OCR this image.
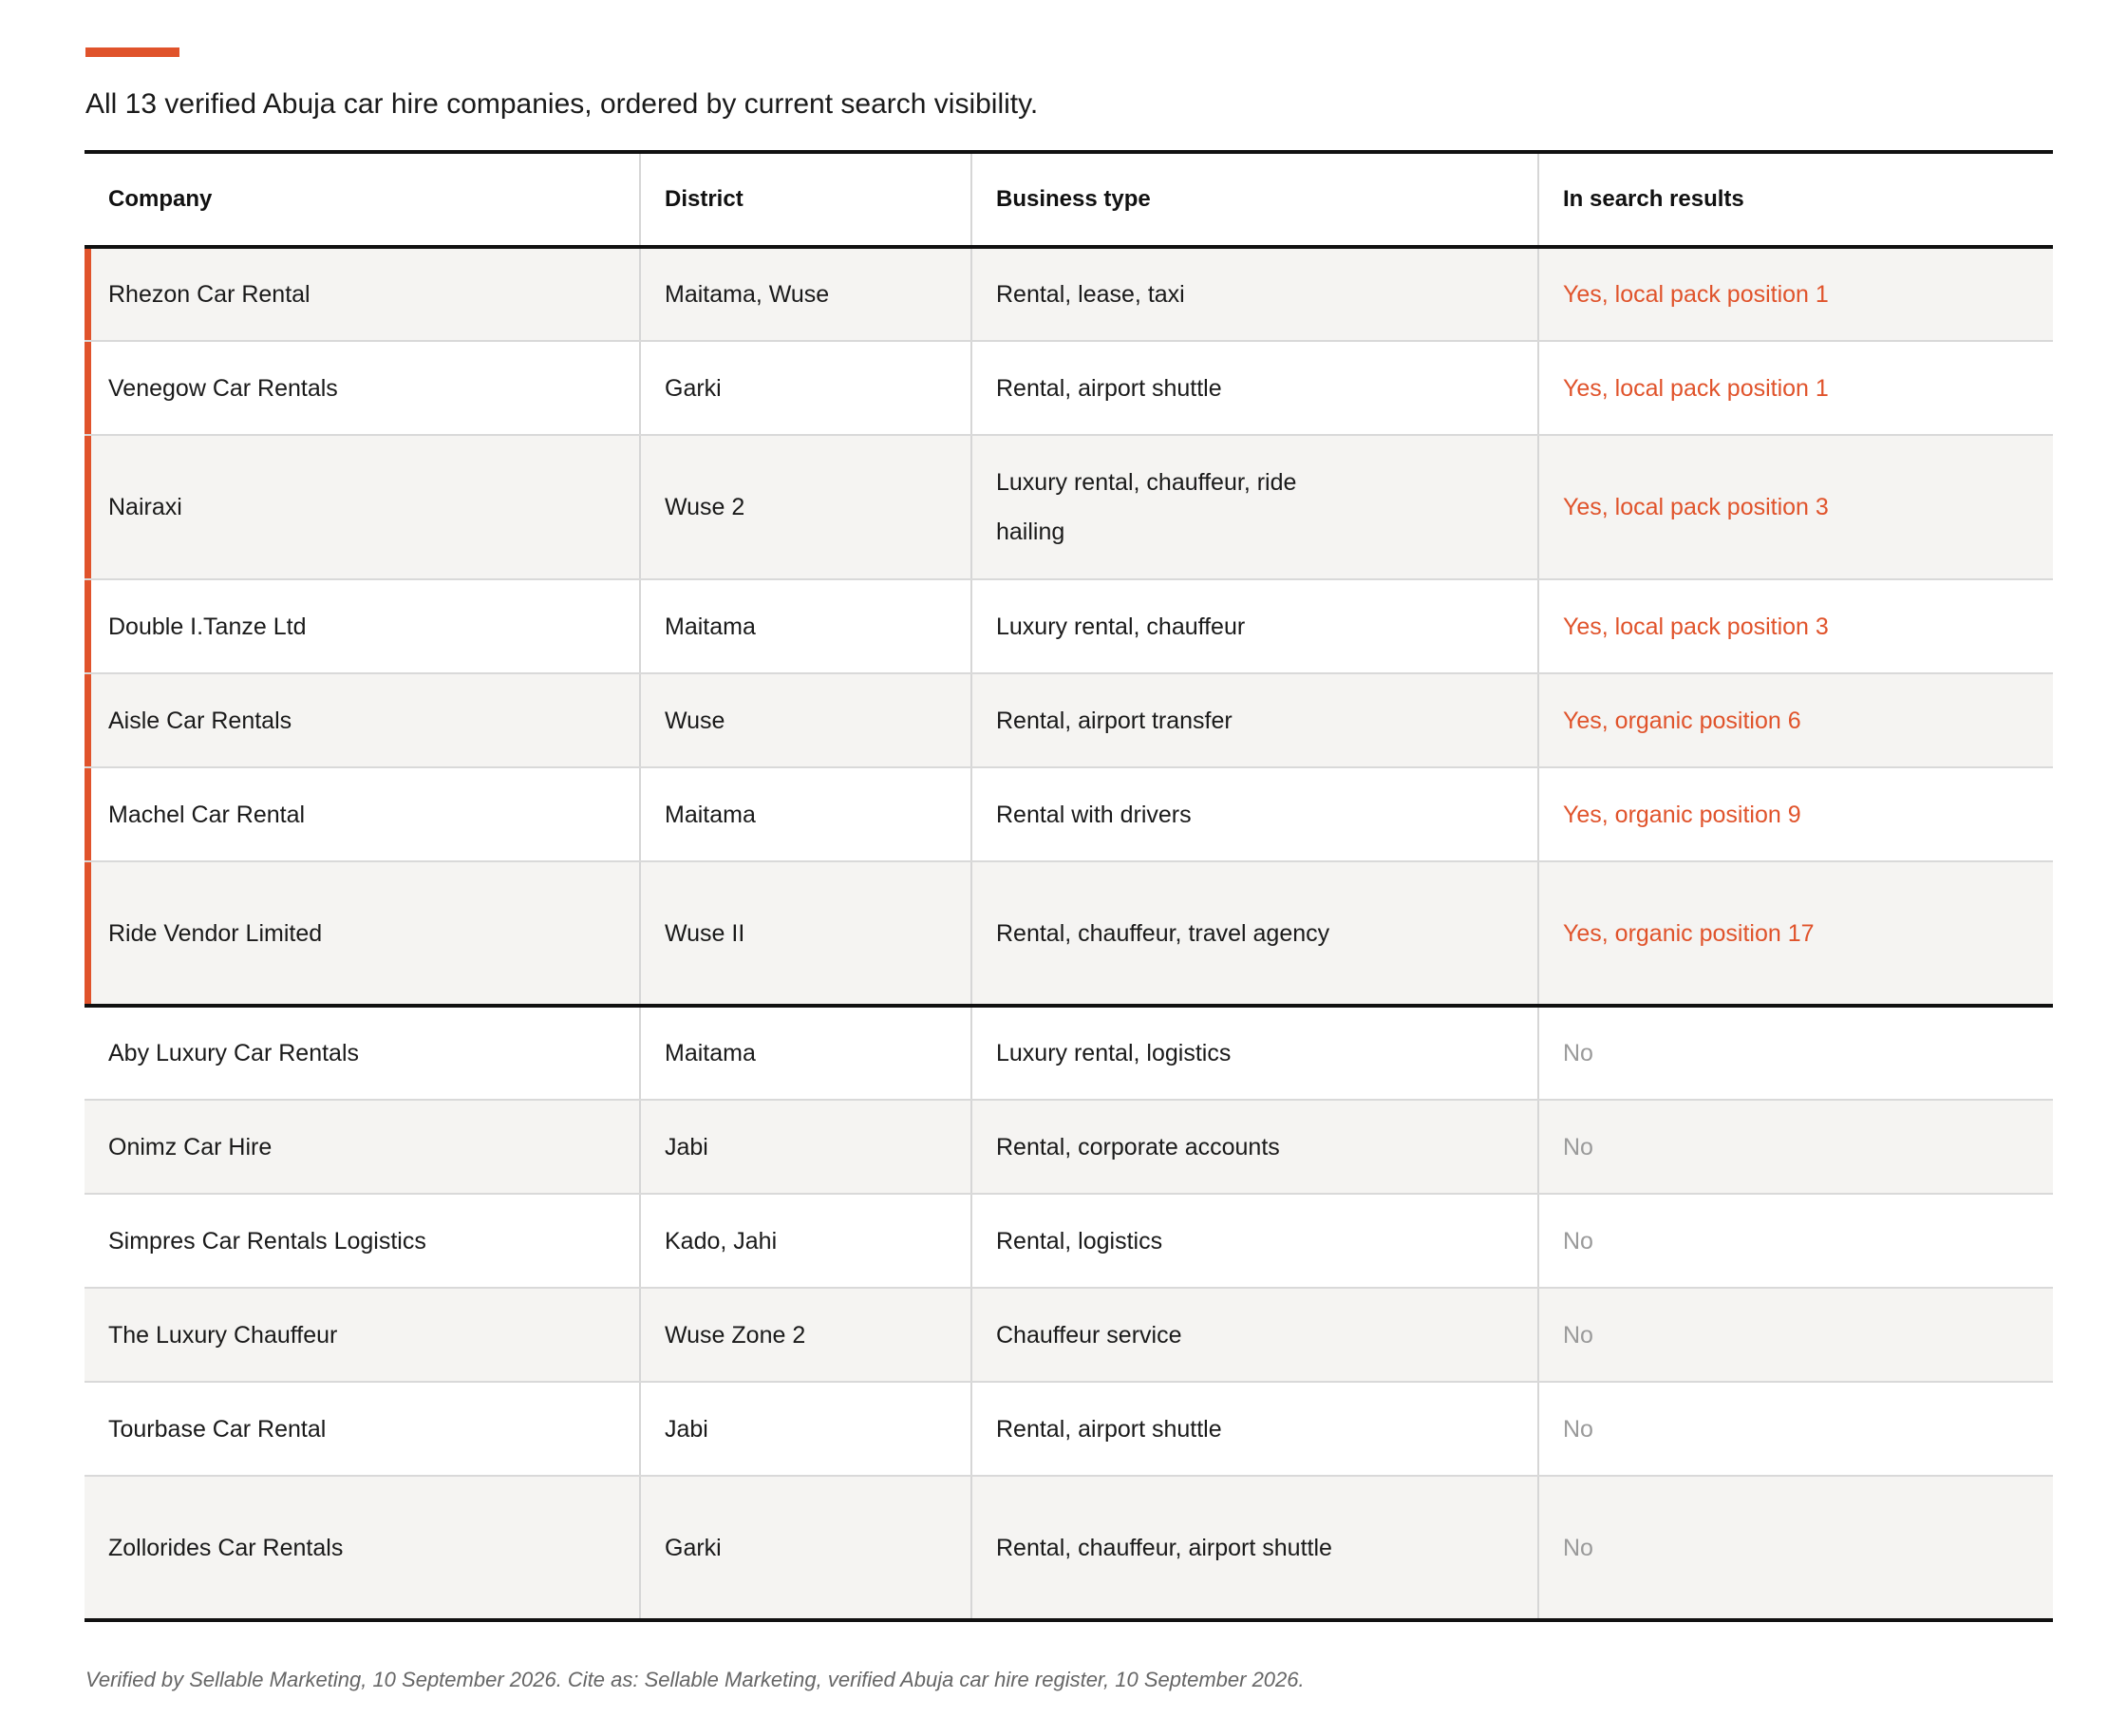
All 13 verified Abuja car hire companies, ordered by current search visibility.
Company	District	Business type	In search results
Rhezon Car Rental	Maitama, Wuse	Rental, lease, taxi	Yes, local pack position 1
Venegow Car Rentals	Garki	Rental, airport shuttle	Yes, local pack position 1
Nairaxi	Wuse 2	Luxury rental, chauffeur, ride hailing	Yes, local pack position 3
Double I.Tanze Ltd	Maitama	Luxury rental, chauffeur	Yes, local pack position 3
Aisle Car Rentals	Wuse	Rental, airport transfer	Yes, organic position 6
Machel Car Rental	Maitama	Rental with drivers	Yes, organic position 9
Ride Vendor Limited	Wuse II	Rental, chauffeur, travel agency	Yes, organic position 17
Aby Luxury Car Rentals	Maitama	Luxury rental, logistics	No
Onimz Car Hire	Jabi	Rental, corporate accounts	No
Simpres Car Rentals Logistics	Kado, Jahi	Rental, logistics	No
The Luxury Chauffeur	Wuse Zone 2	Chauffeur service	No
Tourbase Car Rental	Jabi	Rental, airport shuttle	No
Zollorides Car Rentals	Garki	Rental, chauffeur, airport shuttle	No
Verified by Sellable Marketing, 10 September 2026. Cite as: Sellable Marketing, verified Abuja car hire register, 10 September 2026.
